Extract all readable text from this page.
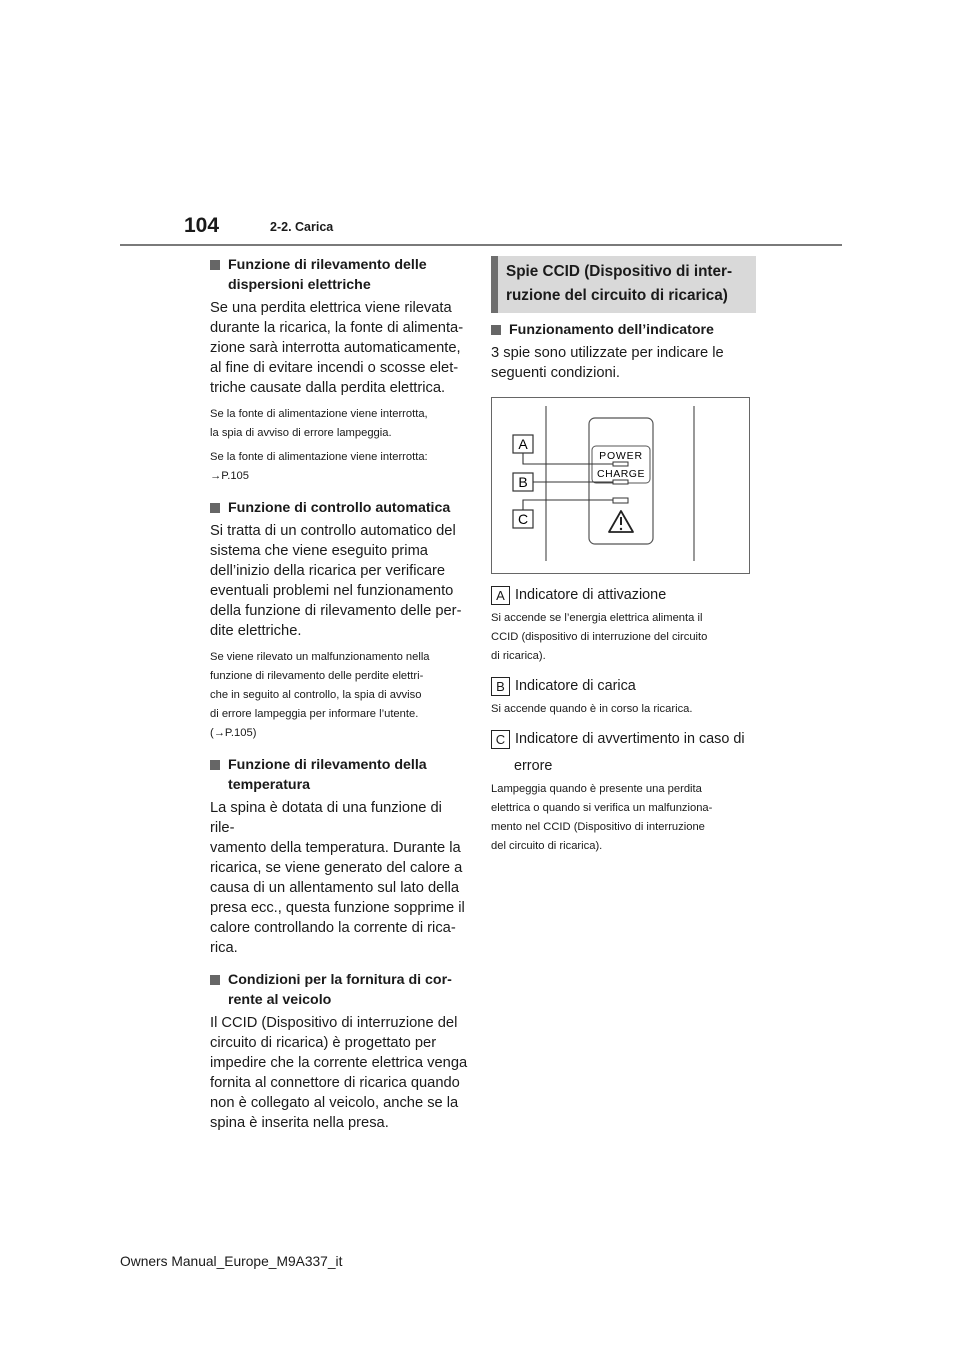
104	2-2. Carica
Funzione di rilevamento delle
dispersioni elettriche
Se una perdita elettrica viene rilevata
durante la ricarica, la fonte di alimenta-
zione sarà interrotta automaticamente,
al fine di evitare incendi o scosse elet-
triche causate dalla perdita elettrica.
Se la fonte di alimentazione viene interrotta,
la spia di avviso di errore lampeggia.
Se la fonte di alimentazione viene interrotta:
→P.105
Funzione di controllo automatica
Si tratta di un controllo automatico del
sistema che viene eseguito prima
dell’inizio della ricarica per verificare
eventuali problemi nel funzionamento
della funzione di rilevamento delle per-
dite elettriche.
Se viene rilevato un malfunzionamento nella
funzione di rilevamento delle perdite elettri-
che in seguito al controllo, la spia di avviso
di errore lampeggia per informare l’utente.
(→P.105)
Funzione di rilevamento della
temperatura
La spina è dotata di una funzione di rile-
vamento della temperatura. Durante la
ricarica, se viene generato del calore a
causa di un allentamento sul lato della
presa ecc., questa funzione sopprime il
calore controllando la corrente di rica-
rica.
Condizioni per la fornitura di cor-
rente al veicolo
Il CCID (Dispositivo di interruzione del
circuito di ricarica) è progettato per
impedire che la corrente elettrica venga
fornita al connettore di ricarica quando
non è collegato al veicolo, anche se la
spina è inserita nella presa.
Spie CCID (Dispositivo di inter-
ruzione del circuito di ricarica)
Funzionamento dell’indicatore
3 spie sono utilizzate per indicare le
seguenti condizioni.
POWER
CHARGE
A
B
C
A Indicatore di attivazione
Si accende se l’energia elettrica alimenta il
CCID (dispositivo di interruzione del circuito
di ricarica).
B Indicatore di carica
Si accende quando è in corso la ricarica.
C Indicatore di avvertimento in caso di
errore
Lampeggia quando è presente una perdita
elettrica o quando si verifica un malfunziona-
mento nel CCID (Dispositivo di interruzione
del circuito di ricarica).
Owners Manual_Europe_M9A337_it
